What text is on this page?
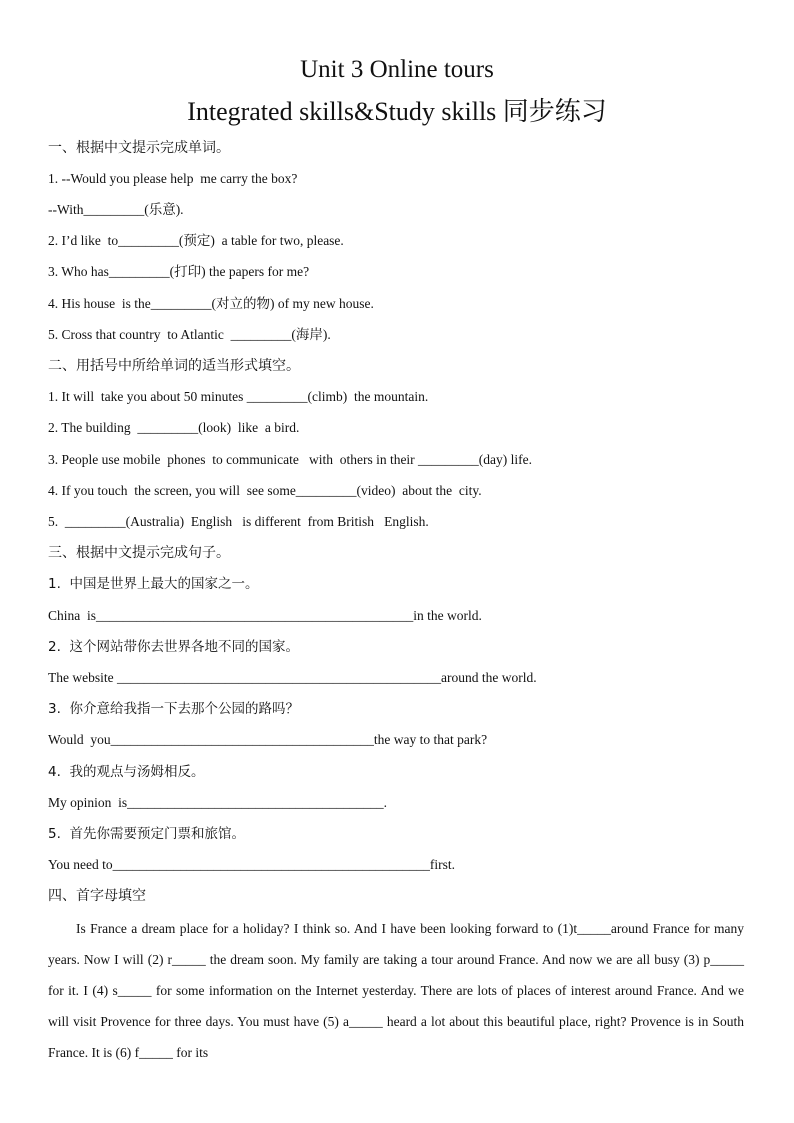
Unit 3 Online tours
Integrated skills&Study skills 同步练习
一、根据中文提示完成单词。
1. --Would you please help  me carry the box?
--With_________(乐意).
2. I’d like  to_________(预定)  a table for two, please.
3. Who has_________(打印) the papers for me?
4. His house  is the_________(对立的物) of my new house.
5. Cross that country  to Atlantic  _________(海岸).
二、用括号中所给单词的适当形式填空。
1. It will  take you about 50 minutes _________(climb)  the mountain.
2. The building  _________(look)  like  a bird.
3. People use mobile  phones  to communicate   with  others in their _________(day) life.
4. If you touch  the screen, you will  see some_________(video)  about the  city.
5.  _________(Australia)  English   is different  from British   English.
三、根据中文提示完成句子。
1.  中国是世界上最大的国家之一。
China  is_______________________________________________in the world.
2.  这个网站带你去世界各地不同的国家。
The website ________________________________________________around the world.
3.  你介意给我指一下去那个公园的路吗？
Would  you_______________________________________the way to that park?
4.  我的观点与汤姆相反。
My opinion  is______________________________________.
5.  首先你需要预定门票和旅馆。
You need to_______________________________________________first.
四、首字母填空
Is France a dream place for a holiday? I think so. And I have been looking forward to (1)t_____around France for many years. Now I will (2) r_____ the dream soon. My family are taking a tour around France. And now we are all busy (3) p_____ for it. I (4) s_____ for some information on the Internet yesterday. There are lots of places of interest around France. And we will visit Provence for three days. You must have (5) a_____ heard a lot about this beautiful place, right? Provence is in South France. It is (6) f_____ for its
